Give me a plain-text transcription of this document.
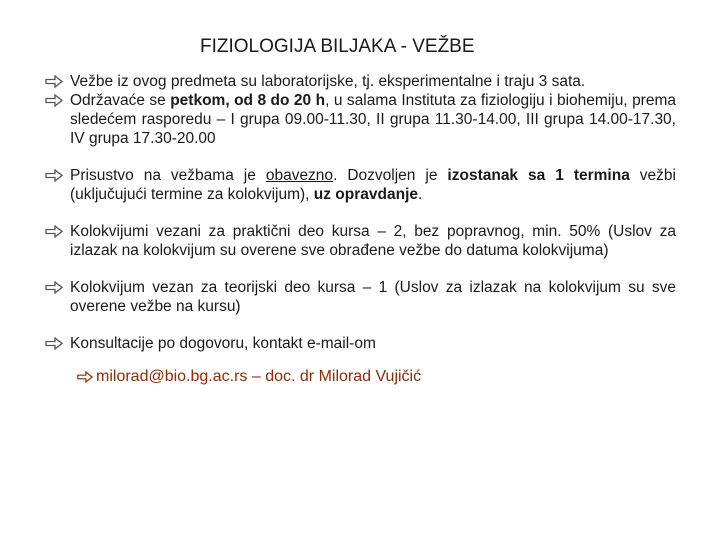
FIZIOLOGIJA BILJAKA - VEŽBE
Vežbe iz ovog predmeta su laboratorijske, tj. eksperimentalne i traju 3 sata.
Održavaće se petkom, od 8 do 20 h, u salama Instituta za fiziologiju i biohemiju, prema sledećem rasporedu – I grupa 09.00-11.30, II grupa 11.30-14.00, III grupa 14.00-17.30, IV grupa 17.30-20.00
Prisustvo na vežbama je obavezno. Dozvoljen je izostanak sa 1 termina vežbi (uključujući termine za kolokvijum), uz opravdanje.
Kolokvijumi vezani za praktični deo kursa – 2, bez popravnog, min. 50% (Uslov za izlazak na kolokvijum su overene sve obrađene vežbe do datuma kolokvijuma)
Kolokvijum vezan za teorijski deo kursa – 1 (Uslov za izlazak na kolokvijum su sve overene vežbe na kursu)
Konsultacije po dogovoru, kontakt e-mail-om
milorad@bio.bg.ac.rs – doc. dr Milorad Vujičić
